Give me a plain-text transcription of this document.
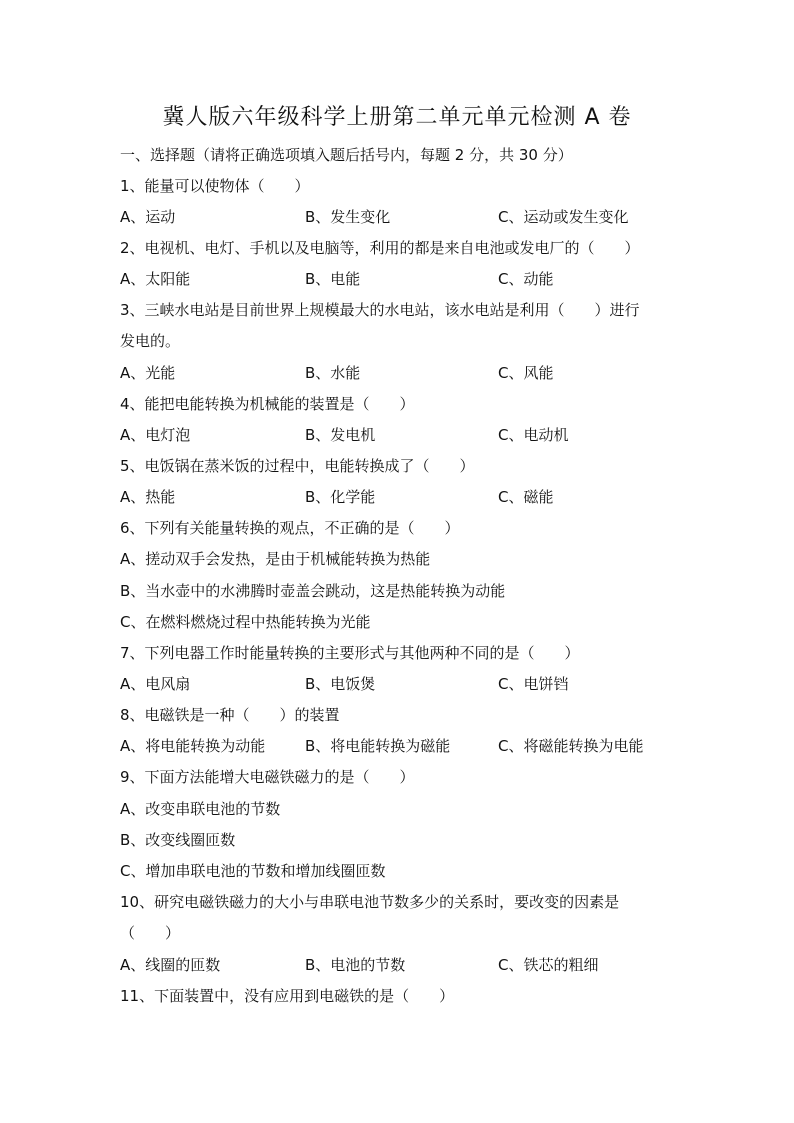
冀人版六年级科学上册第二单元单元检测 A 卷
一、选择题（请将正确选项填入题后括号内，每题 2 分，共 30 分）
1、能量可以使物体（　　）
A、运动	B、发生变化	C、运动或发生变化
2、电视机、电灯、手机以及电脑等，利用的都是来自电池或发电厂的（　　）
A、太阳能	B、电能	C、动能
3、三峡水电站是目前世界上规模最大的水电站，该水电站是利用（　　）进行
发电的。
A、光能	B、水能	C、风能
4、能把电能转换为机械能的装置是（　　）
A、电灯泡	B、发电机	C、电动机
5、电饭锅在蒸米饭的过程中，电能转换成了（　　）
A、热能	B、化学能	C、磁能
6、下列有关能量转换的观点，不正确的是（　　）
A、搓动双手会发热，是由于机械能转换为热能
B、当水壶中的水沸腾时壶盖会跳动，这是热能转换为动能
C、在燃料燃烧过程中热能转换为光能
7、下列电器工作时能量转换的主要形式与其他两种不同的是（　　）
A、电风扇	B、电饭煲	C、电饼铛
8、电磁铁是一种（　　）的装置
A、将电能转换为动能	B、将电能转换为磁能	C、将磁能转换为电能
9、下面方法能增大电磁铁磁力的是（　　）
A、改变串联电池的节数
B、改变线圈匝数
C、增加串联电池的节数和增加线圈匝数
10、研究电磁铁磁力的大小与串联电池节数多少的关系时，要改变的因素是
（　　）
A、线圈的匝数	B、电池的节数	C、铁芯的粗细
11、下面装置中，没有应用到电磁铁的是（　　）
